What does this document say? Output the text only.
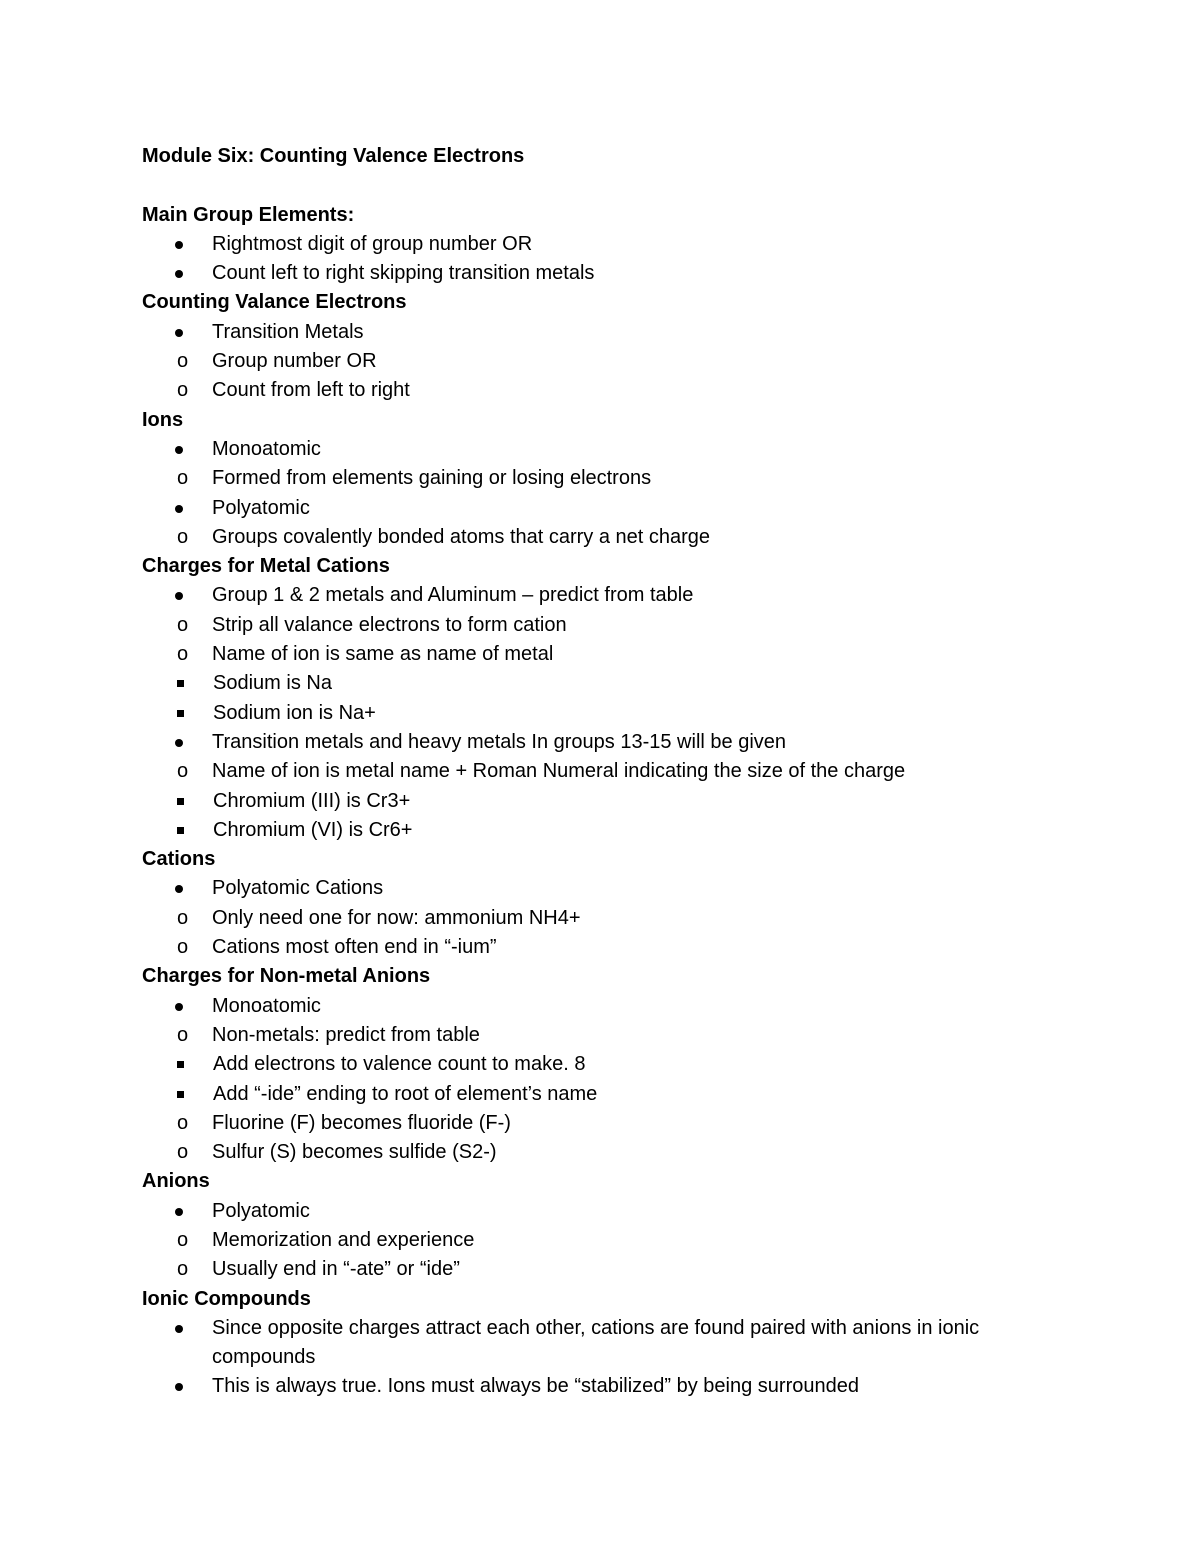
Module Six: Counting Valence Electrons
Main Group Elements:
Rightmost digit of group number OR
Count left to right skipping transition metals
Counting Valance Electrons
Transition Metals
o Group number OR
o Count from left to right
Ions
Monoatomic
o Formed from elements gaining or losing electrons
Polyatomic
o Groups covalently bonded atoms that carry a net charge
Charges for Metal Cations
Group 1 & 2 metals and Aluminum – predict from table
o Strip all valance electrons to form cation
o Name of ion is same as name of metal
Sodium is Na
Sodium ion is Na+
Transition metals and heavy metals In groups 13-15 will be given
o Name of ion is metal name + Roman Numeral indicating the size of the charge
Chromium (III) is Cr3+
Chromium (VI) is Cr6+
Cations
Polyatomic Cations
o Only need one for now: ammonium NH4+
o Cations most often end in “-ium”
Charges for Non-metal Anions
Monoatomic
o Non-metals: predict from table
Add electrons to valence count to make. 8
Add “-ide” ending to root of element’s name
o Fluorine (F) becomes fluoride (F-)
o Sulfur (S) becomes sulfide (S2-)
Anions
Polyatomic
o Memorization and experience
o Usually end in “-ate” or “ide”
Ionic Compounds
Since opposite charges attract each other, cations are found paired with anions in ionic compounds
This is always true. Ions must always be “stabilized” by being surrounded
